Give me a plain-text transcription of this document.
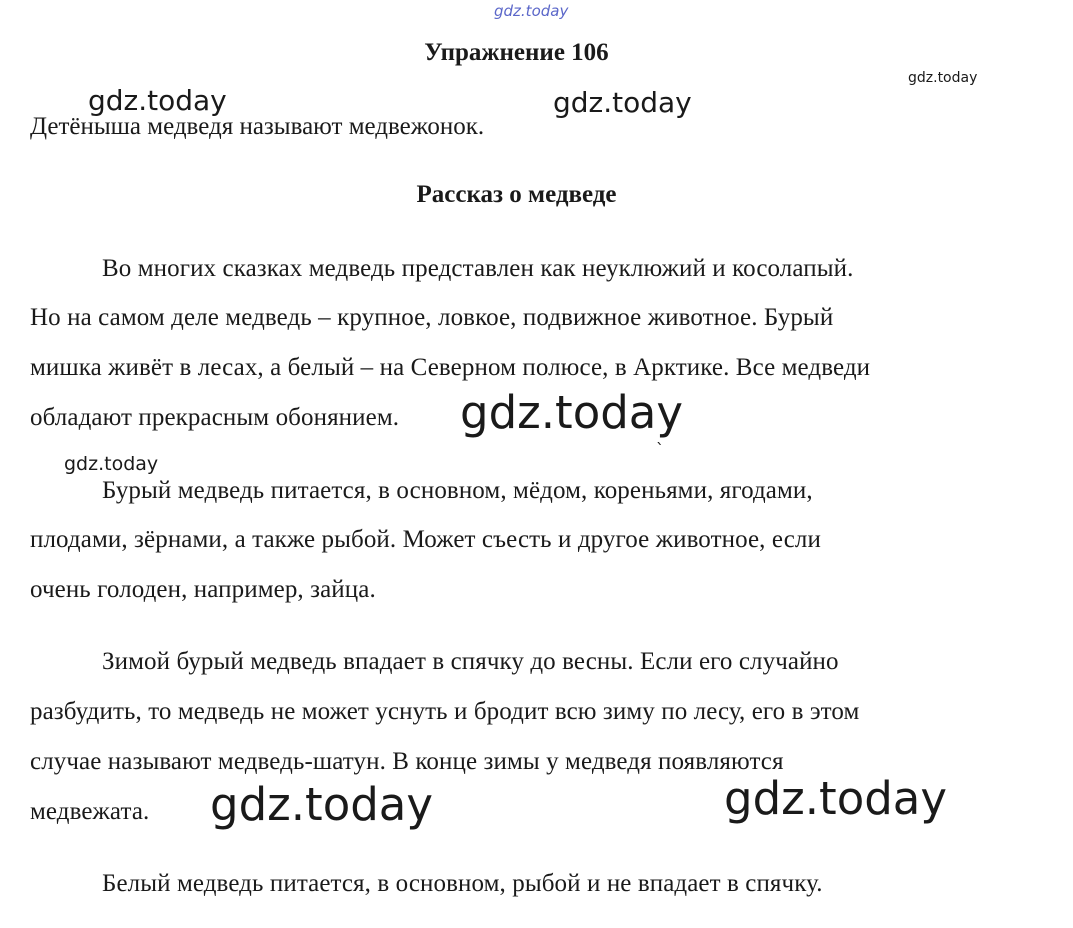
Упражнение 106
Детёныша медведя называют медвежонок.
Рассказ о медведе
Во многих сказках медведь представлен как неуклюжий и косолапый.
Но на самом деле медведь – крупное, ловкое, подвижное животное. Бурый
мишка живёт в лесах, а белый – на Северном полюсе, в Арктике. Все медведи
обладают прекрасным обонянием.
Бурый медведь питается, в основном, мёдом, кореньями, ягодами,
плодами, зёрнами, а также рыбой. Может съесть и другое животное, если
очень голоден, например, зайца.
Зимой бурый медведь впадает в спячку до весны. Если его случайно
разбудить, то медведь не может уснуть и бродит всю зиму по лесу, его в этом
случае называют медведь-шатун. В конце зимы у медведя появляются
медвежата.
Белый медведь питается, в основном, рыбой и не впадает в спячку.
gdz.today
gdz.today
gdz.today	gdz.today
gdz.today
`
gdz.today
gdz.today	gdz.today
